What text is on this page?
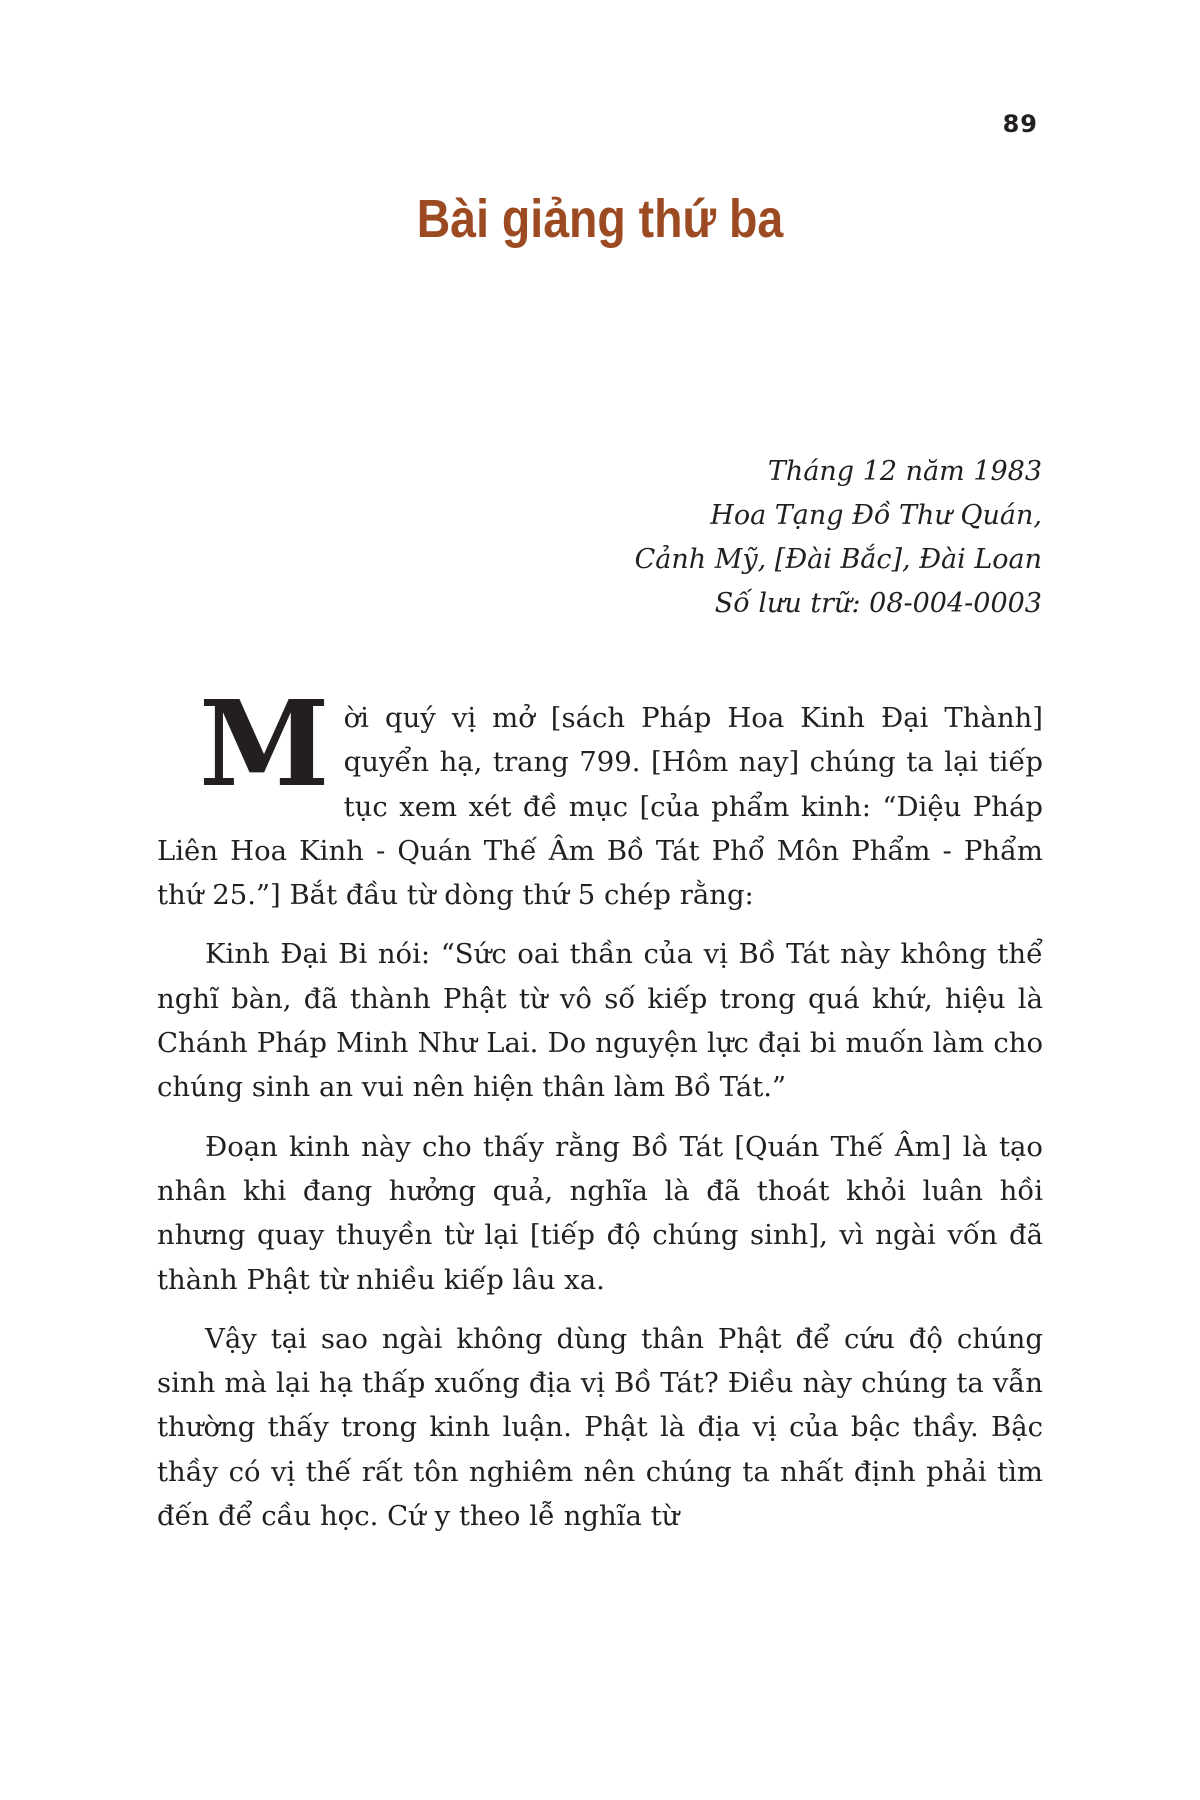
89
Bài giảng thứ ba
Tháng 12 năm 1983
Hoa Tạng Đồ Thư Quán,
Cảnh Mỹ, [Đài Bắc], Đài Loan
Số lưu trữ: 08-004-0003

Mời quý vị mở [sách Pháp Hoa Kinh Đại Thành] quyển hạ, trang 799. [Hôm nay] chúng ta lại tiếp tục xem xét đề mục [của phẩm kinh: “Diệu Pháp Liên Hoa Kinh - Quán Thế Âm Bồ Tát Phổ Môn Phẩm - Phẩm thứ 25.”] Bắt đầu từ dòng thứ 5 chép rằng:

Kinh Đại Bi nói: “Sức oai thần của vị Bồ Tát này không thể nghĩ bàn, đã thành Phật từ vô số kiếp trong quá khứ, hiệu là Chánh Pháp Minh Như Lai. Do nguyện lực đại bi muốn làm cho chúng sinh an vui nên hiện thân làm Bồ Tát.”

Đoạn kinh này cho thấy rằng Bồ Tát [Quán Thế Âm] là tạo nhân khi đang hưởng quả, nghĩa là đã thoát khỏi luân hồi nhưng quay thuyền từ lại [tiếp độ chúng sinh], vì ngài vốn đã thành Phật từ nhiều kiếp lâu xa.

Vậy tại sao ngài không dùng thân Phật để cứu độ chúng sinh mà lại hạ thấp xuống địa vị Bồ Tát? Điều này chúng ta vẫn thường thấy trong kinh luận. Phật là địa vị của bậc thầy. Bậc thầy có vị thế rất tôn nghiêm nên chúng ta nhất định phải tìm đến để cầu học. Cứ y theo lễ nghĩa từ
